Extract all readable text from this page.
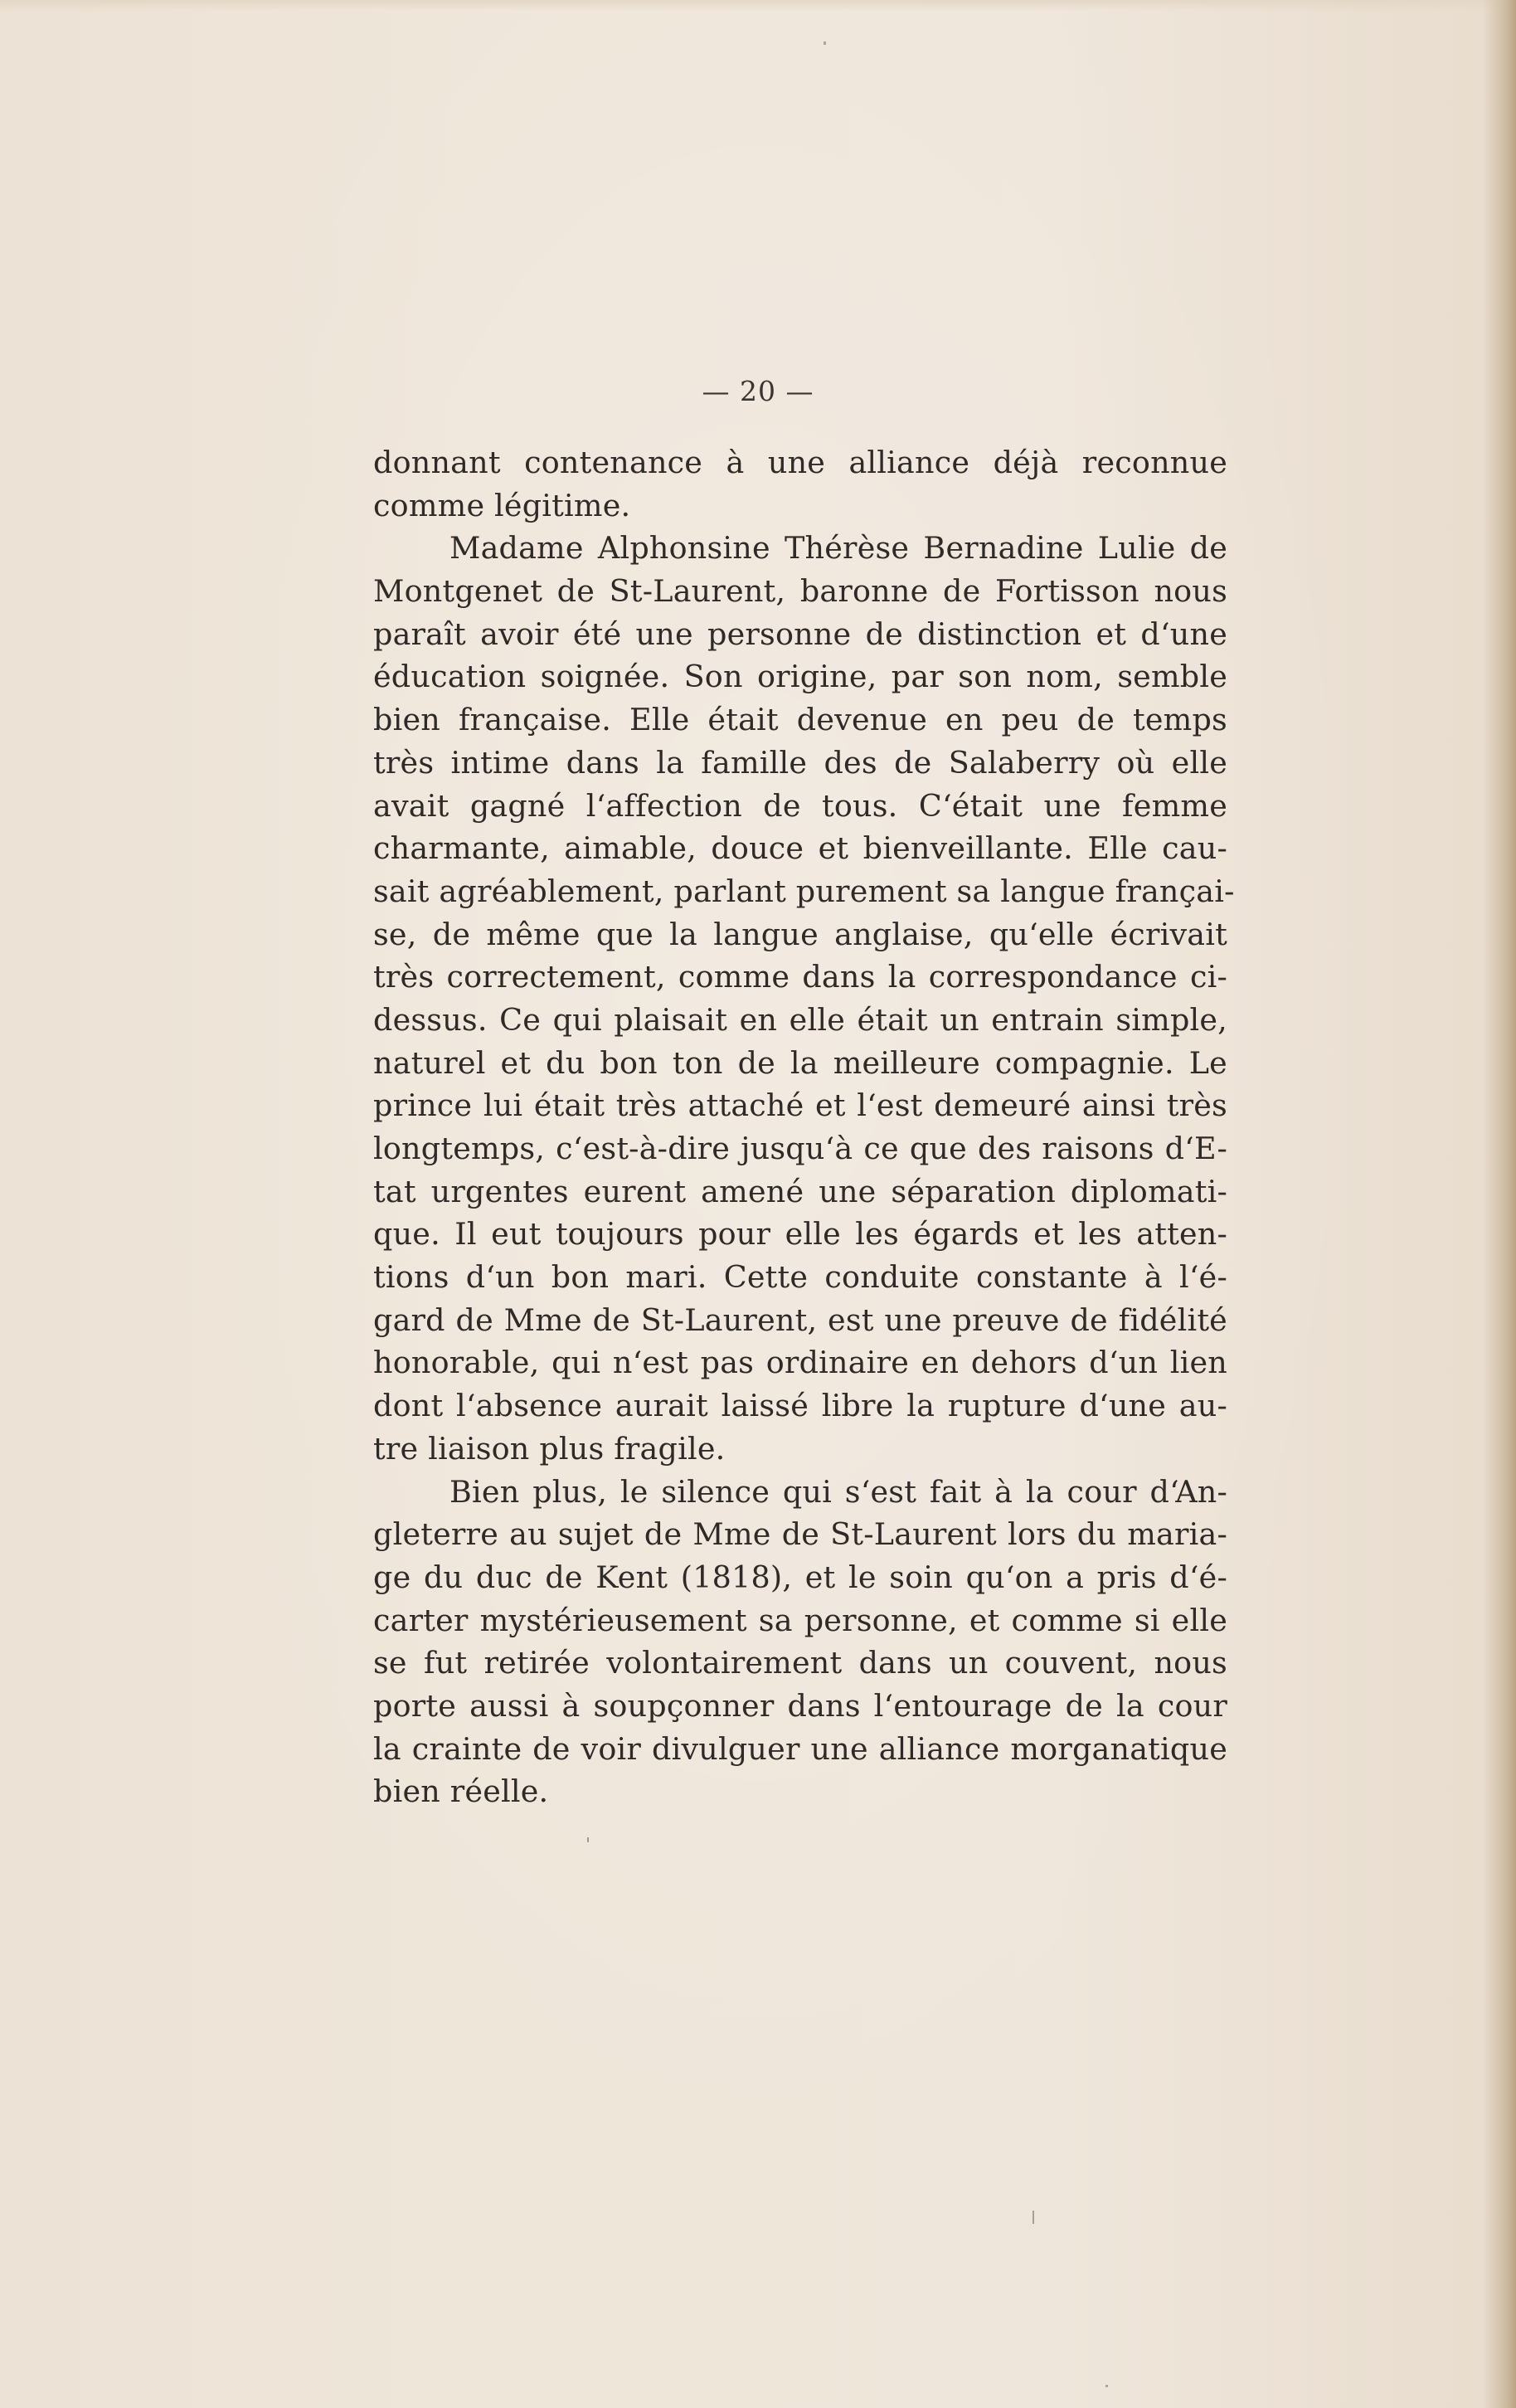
— 20 —
donnant contenance à une alliance déjà reconnue
comme légitime.
Madame Alphonsine Thérèse Bernadine Lulie de
Montgenet de St-Laurent, baronne de Fortisson nous
paraît avoir été une personne de distinction et d‘une
éducation soignée. Son origine, par son nom, semble
bien française. Elle était devenue en peu de temps
très intime dans la famille des de Salaberry où elle
avait gagné l‘affection de tous. C‘était une femme
charmante, aimable, douce et bienveillante. Elle cau-
sait agréablement, parlant purement sa langue françai-
se, de même que la langue anglaise, qu‘elle écrivait
très correctement, comme dans la correspondance ci-
dessus. Ce qui plaisait en elle était un entrain simple,
naturel et du bon ton de la meilleure compagnie. Le
prince lui était très attaché et l‘est demeuré ainsi très
longtemps, c‘est-à-dire jusqu‘à ce que des raisons d‘E-
tat urgentes eurent amené une séparation diplomati-
que. Il eut toujours pour elle les égards et les atten-
tions d‘un bon mari. Cette conduite constante à l‘é-
gard de Mme de St-Laurent, est une preuve de fidélité
honorable, qui n‘est pas ordinaire en dehors d‘un lien
dont l‘absence aurait laissé libre la rupture d‘une au-
tre liaison plus fragile.
Bien plus, le silence qui s‘est fait à la cour d‘An-
gleterre au sujet de Mme de St-Laurent lors du maria-
ge du duc de Kent (1818), et le soin qu‘on a pris d‘é-
carter mystérieusement sa personne, et comme si elle
se fut retirée volontairement dans un couvent, nous
porte aussi à soupçonner dans l‘entourage de la cour
la crainte de voir divulguer une alliance morganatique
bien réelle.
